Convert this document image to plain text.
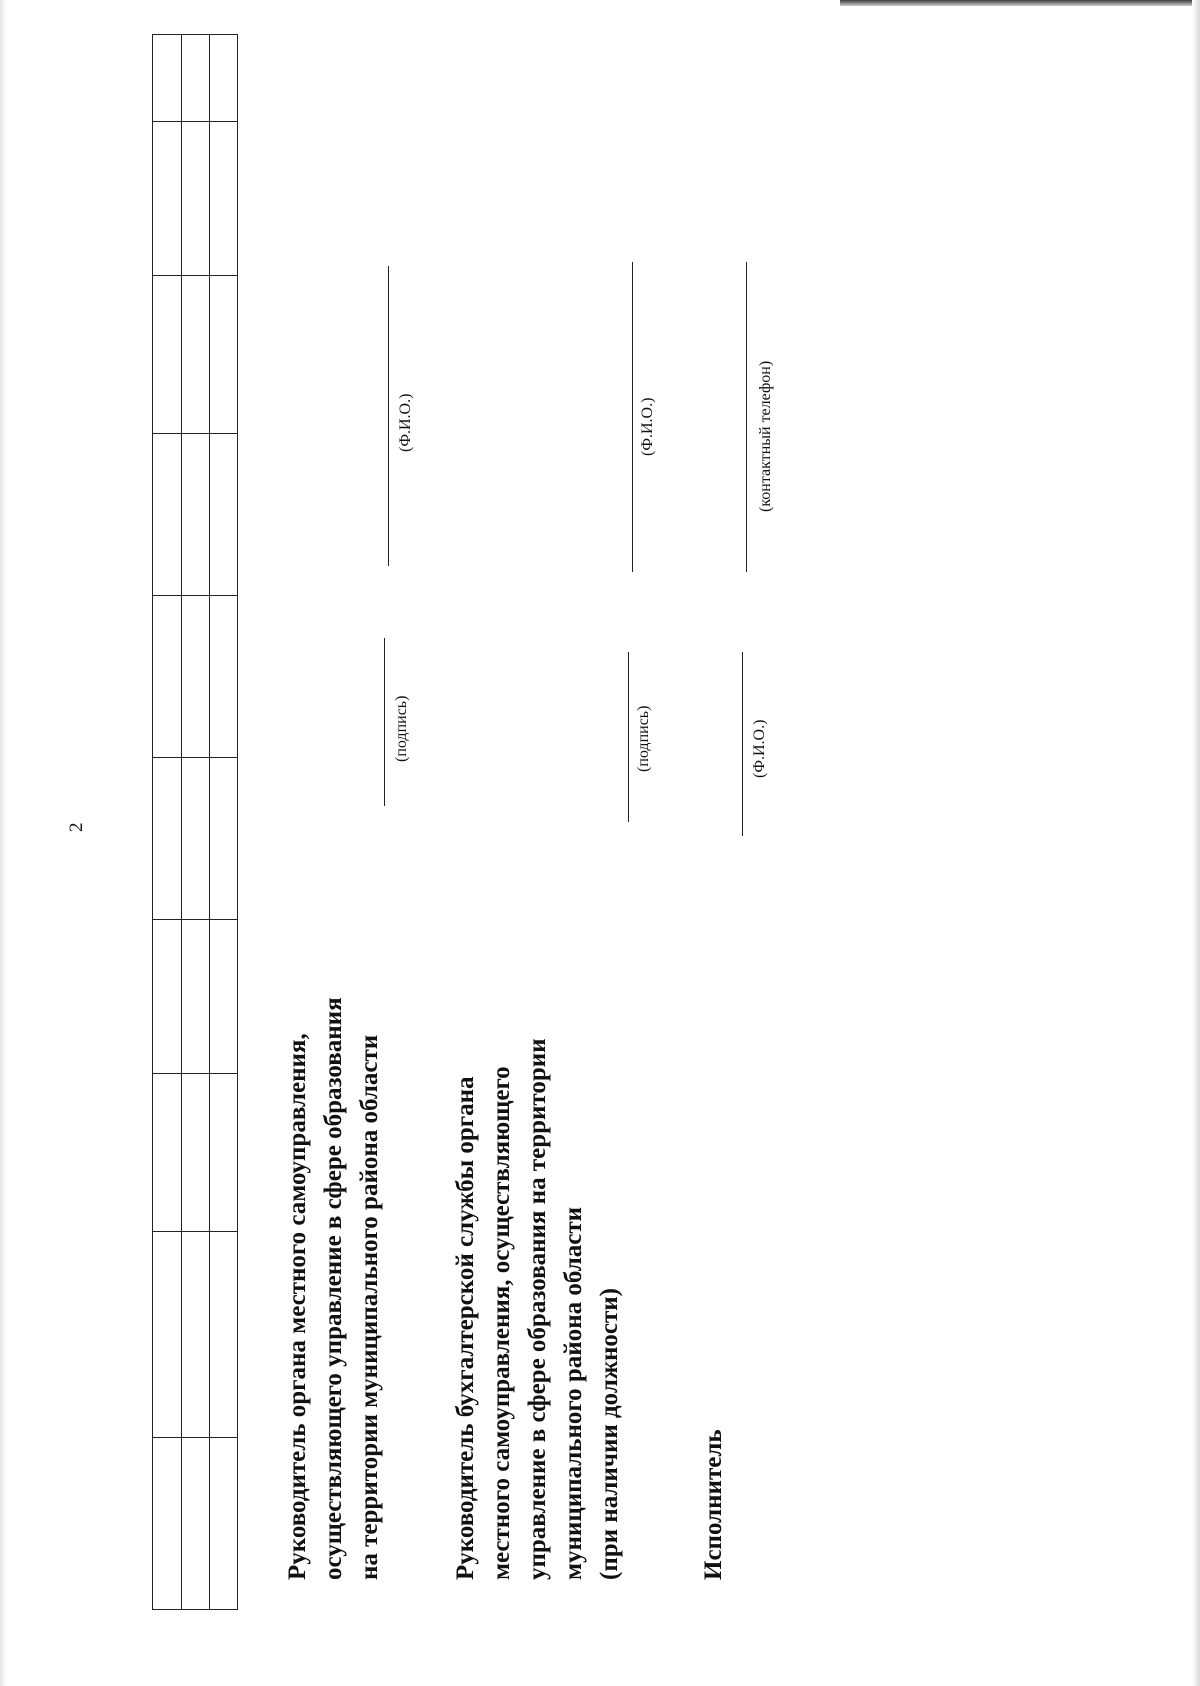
2
Руководитель органа местного самоуправления, осуществляющего управление в сфере образования на территории муниципального района области
(подпись)
(Ф.И.О.)
Руководитель бухгалтерской службы органа местного самоуправления, осуществляющего управление в сфере образования на территории муниципального района области (при наличии должности)
(подпись)
(Ф.И.О.)
Исполнитель
(Ф.И.О.)
(контактный телефон)
